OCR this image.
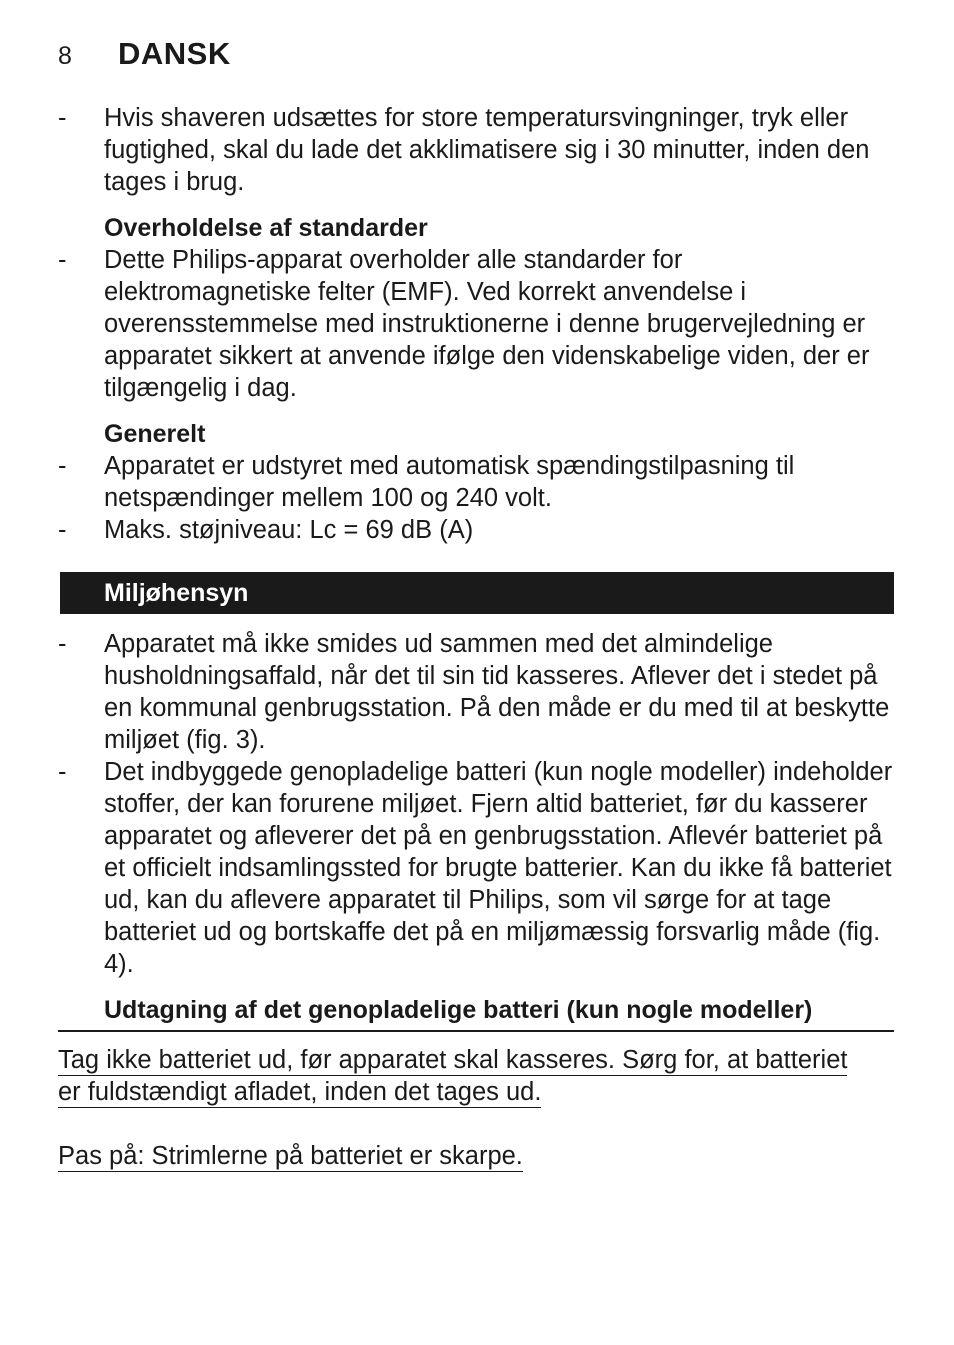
8	DANSK
-	Hvis shaveren udsættes for store temperatursvingninger, tryk eller fugtighed, skal du lade det akklimatisere sig i 30 minutter, inden den tages i brug.
Overholdelse af standarder
-	Dette Philips-apparat overholder alle standarder for elektromagnetiske felter (EMF). Ved korrekt anvendelse i overensstemmelse med instruktionerne i denne brugervejledning er apparatet sikkert at anvende ifølge den videnskabelige viden, der er tilgængelig i dag.
Generelt
-	Apparatet er udstyret med automatisk spændingstilpasning til netspændinger mellem 100 og 240 volt.
-	Maks. støjniveau: Lc = 69 dB (A)
Miljøhensyn
-	Apparatet må ikke smides ud sammen med det almindelige husholdningsaffald, når det til sin tid kasseres. Aflever det i stedet på en kommunal genbrugsstation. På den måde er du med til at beskytte miljøet (fig. 3).
-	Det indbyggede genopladelige batteri (kun nogle modeller) indeholder stoffer, der kan forurene miljøet. Fjern altid batteriet, før du kasserer apparatet og afleverer det på en genbrugsstation. Aflevér batteriet på et officielt indsamlingssted for brugte batterier. Kan du ikke få batteriet ud, kan du aflevere apparatet til Philips, som vil sørge for at tage batteriet ud og bortskaffe det på en miljømæssig forsvarlig måde (fig. 4).
Udtagning af det genopladelige batteri (kun nogle modeller)
Tag ikke batteriet ud, før apparatet skal kasseres. Sørg for, at batteriet
er fuldstændigt afladet, inden det tages ud.
Pas på: Strimlerne på batteriet er skarpe.
